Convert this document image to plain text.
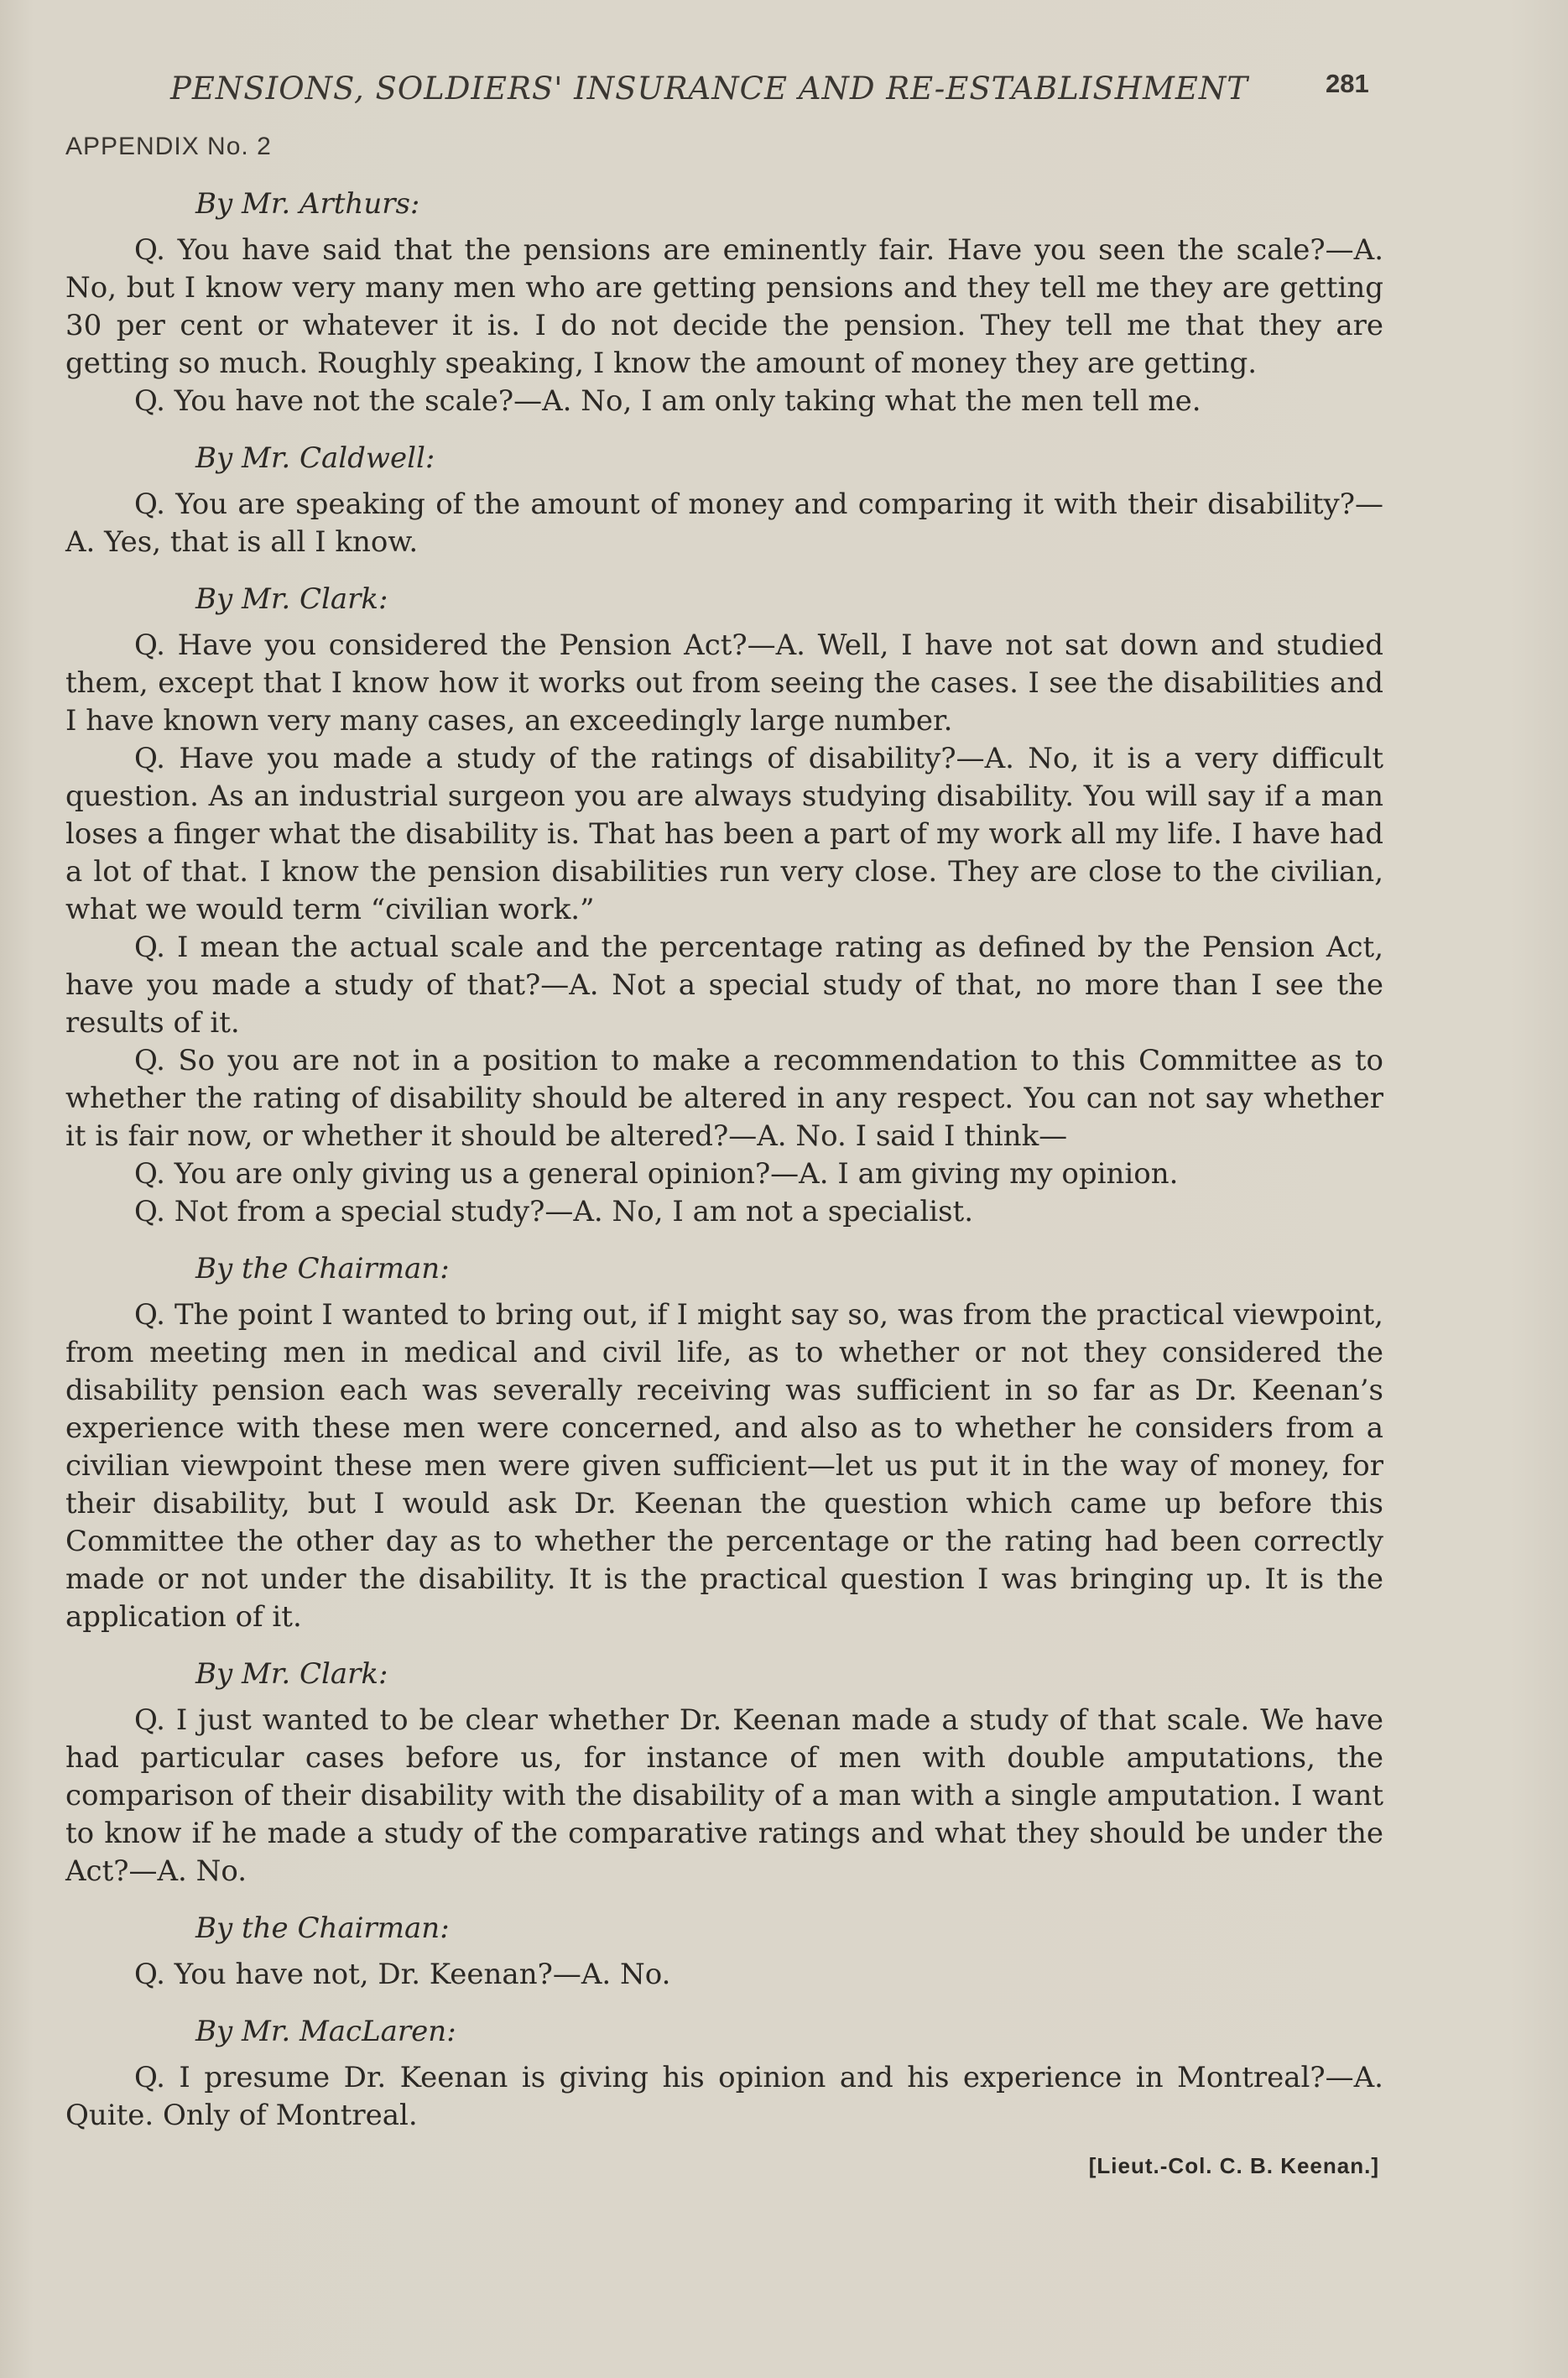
PENSIONS, SOLDIERS' INSURANCE AND RE-ESTABLISHMENT	281
APPENDIX No. 2
By Mr. Arthurs:

Q. You have said that the pensions are eminently fair. Have you seen the scale?—A. No, but I know very many men who are getting pensions and they tell me they are getting 30 per cent or whatever it is. I do not decide the pension. They tell me that they are getting so much. Roughly speaking, I know the amount of money they are getting.

Q. You have not the scale?—A. No, I am only taking what the men tell me.

By Mr. Caldwell:

Q. You are speaking of the amount of money and comparing it with their disability?—A. Yes, that is all I know.

By Mr. Clark:

Q. Have you considered the Pension Act?—A. Well, I have not sat down and studied them, except that I know how it works out from seeing the cases. I see the disabilities and I have known very many cases, an exceedingly large number.

Q. Have you made a study of the ratings of disability?—A. No, it is a very difficult question. As an industrial surgeon you are always studying disability. You will say if a man loses a finger what the disability is. That has been a part of my work all my life. I have had a lot of that. I know the pension disabilities run very close. They are close to the civilian, what we would term “civilian work.”

Q. I mean the actual scale and the percentage rating as defined by the Pension Act, have you made a study of that?—A. Not a special study of that, no more than I see the results of it.

Q. So you are not in a position to make a recommendation to this Committee as to whether the rating of disability should be altered in any respect. You can not say whether it is fair now, or whether it should be altered?—A. No. I said I think—

Q. You are only giving us a general opinion?—A. I am giving my opinion.

Q. Not from a special study?—A. No, I am not a specialist.

By the Chairman:

Q. The point I wanted to bring out, if I might say so, was from the practical viewpoint, from meeting men in medical and civil life, as to whether or not they considered the disability pension each was severally receiving was sufficient in so far as Dr. Keenan’s experience with these men were concerned, and also as to whether he considers from a civilian viewpoint these men were given sufficient—let us put it in the way of money, for their disability, but I would ask Dr. Keenan the question which came up before this Committee the other day as to whether the percentage or the rating had been correctly made or not under the disability. It is the practical question I was bringing up. It is the application of it.

By Mr. Clark:

Q. I just wanted to be clear whether Dr. Keenan made a study of that scale. We have had particular cases before us, for instance of men with double amputations, the comparison of their disability with the disability of a man with a single amputation. I want to know if he made a study of the comparative ratings and what they should be under the Act?—A. No.

By the Chairman:

Q. You have not, Dr. Keenan?—A. No.

By Mr. MacLaren:

Q. I presume Dr. Keenan is giving his opinion and his experience in Montreal?—A. Quite. Only of Montreal.

[Lieut.-Col. C. B. Keenan.]
